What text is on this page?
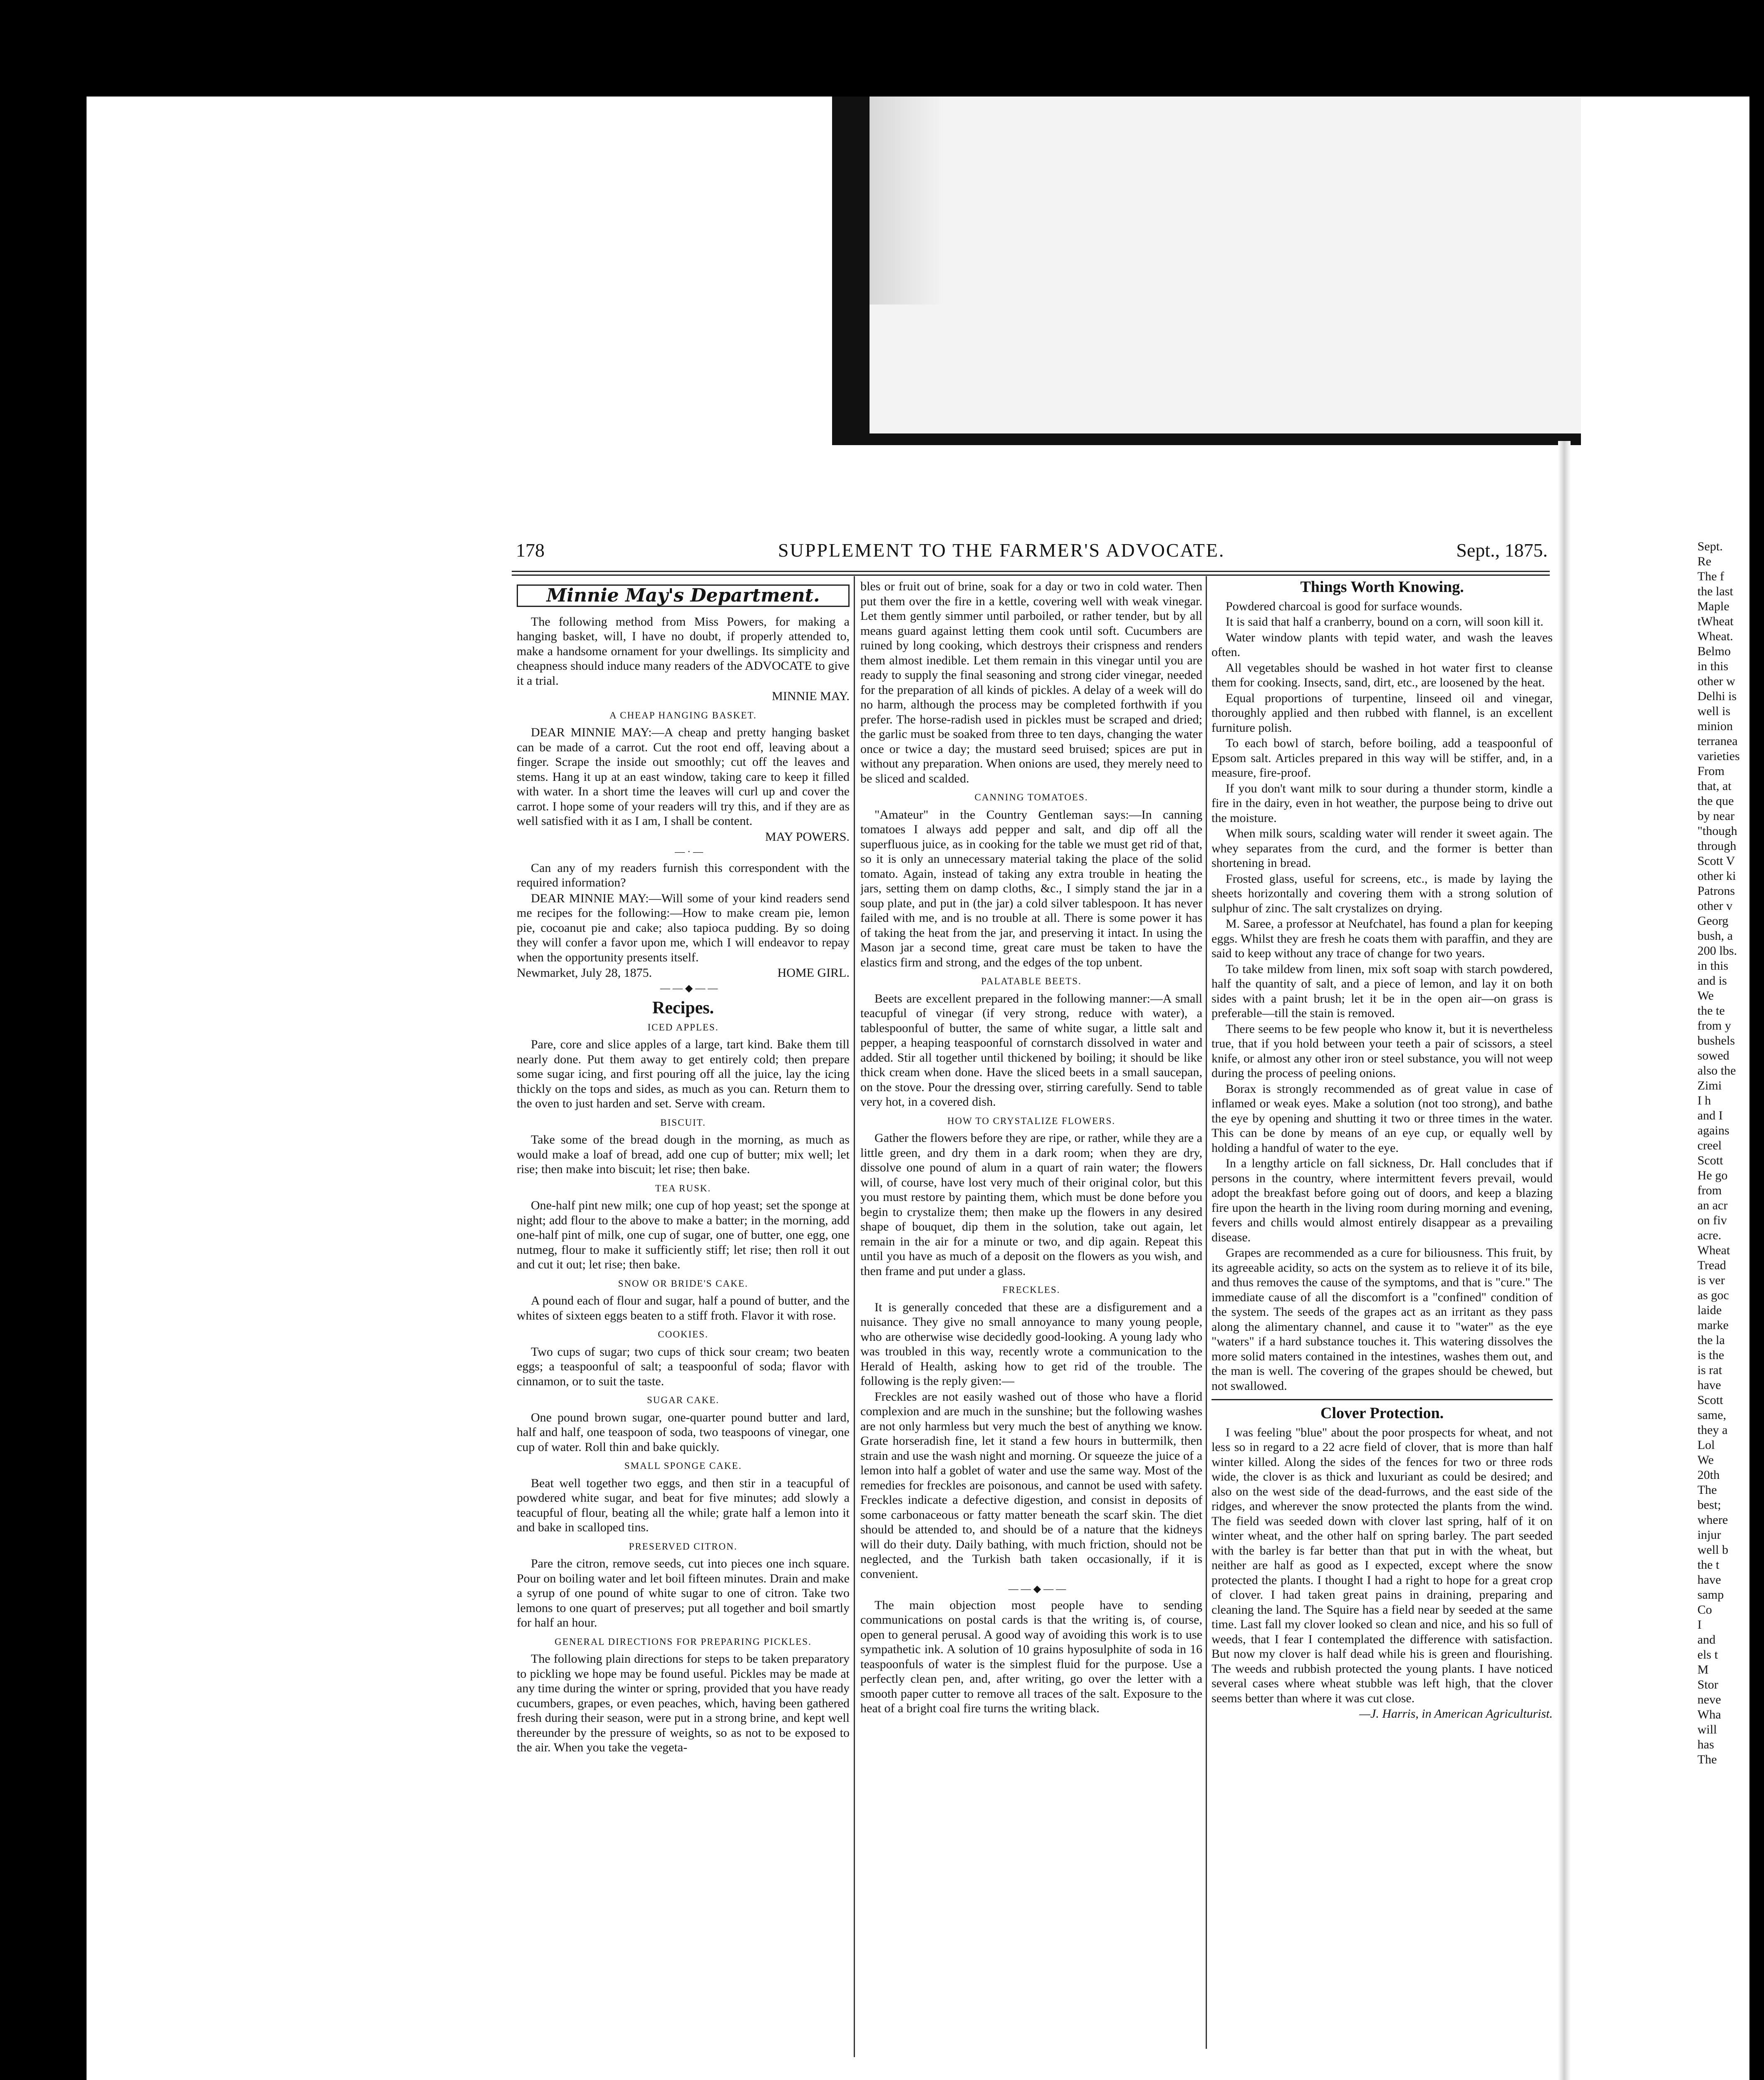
178	SUPPLEMENT TO THE FARMER'S ADVOCATE.	Sept., 1875.
Minnie May's Department.

The following method from Miss Powers, for making a hanging basket, will, I have no doubt, if properly attended to, make a handsome ornament for your dwellings. Its simplicity and cheapness should induce many readers of the ADVOCATE to give it a trial.

MINNIE MAY.

A CHEAP HANGING BASKET.

DEAR MINNIE MAY:—A cheap and pretty hanging basket can be made of a carrot. Cut the root end off, leaving about a finger. Scrape the inside out smoothly; cut off the leaves and stems. Hang it up at an east window, taking care to keep it filled with water. In a short time the leaves will curl up and cover the carrot. I hope some of your readers will try this, and if they are as well satisfied with it as I am, I shall be content.

MAY POWERS.

—·—

Can any of my readers furnish this correspondent with the required information?

DEAR MINNIE MAY:—Will some of your kind readers send me recipes for the following:—How to make cream pie, lemon pie, cocoanut pie and cake; also tapioca pudding. By so doing they will confer a favor upon me, which I will endeavor to repay when the opportunity presents itself.

HOME GIRL.
Newmarket, July 28, 1875.

——◆——

Recipes.

ICED APPLES.

Pare, core and slice apples of a large, tart kind. Bake them till nearly done. Put them away to get entirely cold; then prepare some sugar icing, and first pouring off all the juice, lay the icing thickly on the tops and sides, as much as you can. Return them to the oven to just harden and set. Serve with cream.

BISCUIT.

Take some of the bread dough in the morning, as much as would make a loaf of bread, add one cup of butter; mix well; let rise; then make into biscuit; let rise; then bake.

TEA RUSK.

One-half pint new milk; one cup of hop yeast; set the sponge at night; add flour to the above to make a batter; in the morning, add one-half pint of milk, one cup of sugar, one of butter, one egg, one nutmeg, flour to make it sufficiently stiff; let rise; then roll it out and cut it out; let rise; then bake.

SNOW OR BRIDE'S CAKE.

A pound each of flour and sugar, half a pound of butter, and the whites of sixteen eggs beaten to a stiff froth. Flavor it with rose.

COOKIES.

Two cups of sugar; two cups of thick sour cream; two beaten eggs; a teaspoonful of salt; a teaspoonful of soda; flavor with cinnamon, or to suit the taste.

SUGAR CAKE.

One pound brown sugar, one-quarter pound butter and lard, half and half, one teaspoon of soda, two teaspoons of vinegar, one cup of water. Roll thin and bake quickly.

SMALL SPONGE CAKE.

Beat well together two eggs, and then stir in a teacupful of powdered white sugar, and beat for five minutes; add slowly a teacupful of flour, beating all the while; grate half a lemon into it and bake in scalloped tins.

PRESERVED CITRON.

Pare the citron, remove seeds, cut into pieces one inch square. Pour on boiling water and let boil fifteen minutes. Drain and make a syrup of one pound of white sugar to one of citron. Take two lemons to one quart of preserves; put all together and boil smartly for half an hour.

GENERAL DIRECTIONS FOR PREPARING PICKLES.

The following plain directions for steps to be taken preparatory to pickling we hope may be found useful. Pickles may be made at any time during the winter or spring, provided that you have ready cucumbers, grapes, or even peaches, which, having been gathered fresh during their season, were put in a strong brine, and kept well thereunder by the pressure of weights, so as not to be exposed to the air. When you take the vegeta-

bles or fruit out of brine, soak for a day or two in cold water. Then put them over the fire in a kettle, covering well with weak vinegar. Let them gently simmer until parboiled, or rather tender, but by all means guard against letting them cook until soft. Cucumbers are ruined by long cooking, which destroys their crispness and renders them almost inedible. Let them remain in this vinegar until you are ready to supply the final seasoning and strong cider vinegar, needed for the preparation of all kinds of pickles. A delay of a week will do no harm, although the process may be completed forthwith if you prefer. The horse-radish used in pickles must be scraped and dried; the garlic must be soaked from three to ten days, changing the water once or twice a day; the mustard seed bruised; spices are put in without any preparation. When onions are used, they merely need to be sliced and scalded.

CANNING TOMATOES.

"Amateur" in the Country Gentleman says:—In canning tomatoes I always add pepper and salt, and dip off all the superfluous juice, as in cooking for the table we must get rid of that, so it is only an unnecessary material taking the place of the solid tomato. Again, instead of taking any extra trouble in heating the jars, setting them on damp cloths, &c., I simply stand the jar in a soup plate, and put in (the jar) a cold silver tablespoon. It has never failed with me, and is no trouble at all. There is some power it has of taking the heat from the jar, and preserving it intact. In using the Mason jar a second time, great care must be taken to have the elastics firm and strong, and the edges of the top unbent.

PALATABLE BEETS.

Beets are excellent prepared in the following manner:—A small teacupful of vinegar (if very strong, reduce with water), a tablespoonful of butter, the same of white sugar, a little salt and pepper, a heaping teaspoonful of cornstarch dissolved in water and added. Stir all together until thickened by boiling; it should be like thick cream when done. Have the sliced beets in a small saucepan, on the stove. Pour the dressing over, stirring carefully. Send to table very hot, in a covered dish.

HOW TO CRYSTALIZE FLOWERS.

Gather the flowers before they are ripe, or rather, while they are a little green, and dry them in a dark room; when they are dry, dissolve one pound of alum in a quart of rain water; the flowers will, of course, have lost very much of their original color, but this you must restore by painting them, which must be done before you begin to crystalize them; then make up the flowers in any desired shape of bouquet, dip them in the solution, take out again, let remain in the air for a minute or two, and dip again. Repeat this until you have as much of a deposit on the flowers as you wish, and then frame and put under a glass.

FRECKLES.

It is generally conceded that these are a disfigurement and a nuisance. They give no small annoyance to many young people, who are otherwise wise decidedly good-looking. A young lady who was troubled in this way, recently wrote a communication to the Herald of Health, asking how to get rid of the trouble. The following is the reply given:—

Freckles are not easily washed out of those who have a florid complexion and are much in the sunshine; but the following washes are not only harmless but very much the best of anything we know. Grate horseradish fine, let it stand a few hours in buttermilk, then strain and use the wash night and morning. Or squeeze the juice of a lemon into half a goblet of water and use the same way. Most of the remedies for freckles are poisonous, and cannot be used with safety. Freckles indicate a defective digestion, and consist in deposits of some carbonaceous or fatty matter beneath the scarf skin. The diet should be attended to, and should be of a nature that the kidneys will do their duty. Daily bathing, with much friction, should not be neglected, and the Turkish bath taken occasionally, if it is convenient.

——◆——

The main objection most people have to sending communications on postal cards is that the writing is, of course, open to general perusal. A good way of avoiding this work is to use sympathetic ink. A solution of 10 grains hyposulphite of soda in 16 teaspoonfuls of water is the simplest fluid for the purpose. Use a perfectly clean pen, and, after writing, go over the letter with a smooth paper cutter to remove all traces of the salt. Exposure to the heat of a bright coal fire turns the writing black.

Things Worth Knowing.

Powdered charcoal is good for surface wounds.

It is said that half a cranberry, bound on a corn, will soon kill it.

Water window plants with tepid water, and wash the leaves often.

All vegetables should be washed in hot water first to cleanse them for cooking. Insects, sand, dirt, etc., are loosened by the heat.

Equal proportions of turpentine, linseed oil and vinegar, thoroughly applied and then rubbed with flannel, is an excellent furniture polish.

To each bowl of starch, before boiling, add a teaspoonful of Epsom salt. Articles prepared in this way will be stiffer, and, in a measure, fire-proof.

If you don't want milk to sour during a thunder storm, kindle a fire in the dairy, even in hot weather, the purpose being to drive out the moisture.

When milk sours, scalding water will render it sweet again. The whey separates from the curd, and the former is better than shortening in bread.

Frosted glass, useful for screens, etc., is made by laying the sheets horizontally and covering them with a strong solution of sulphur of zinc. The salt crystalizes on drying.

M. Saree, a professor at Neufchatel, has found a plan for keeping eggs. Whilst they are fresh he coats them with paraffin, and they are said to keep without any trace of change for two years.

To take mildew from linen, mix soft soap with starch powdered, half the quantity of salt, and a piece of lemon, and lay it on both sides with a paint brush; let it be in the open air—on grass is preferable—till the stain is removed.

There seems to be few people who know it, but it is nevertheless true, that if you hold between your teeth a pair of scissors, a steel knife, or almost any other iron or steel substance, you will not weep during the process of peeling onions.

Borax is strongly recommended as of great value in case of inflamed or weak eyes. Make a solution (not too strong), and bathe the eye by opening and shutting it two or three times in the water. This can be done by means of an eye cup, or equally well by holding a handful of water to the eye.

In a lengthy article on fall sickness, Dr. Hall concludes that if persons in the country, where intermittent fevers prevail, would adopt the breakfast before going out of doors, and keep a blazing fire upon the hearth in the living room during morning and evening, fevers and chills would almost entirely disappear as a prevailing disease.

Grapes are recommended as a cure for biliousness. This fruit, by its agreeable acidity, so acts on the system as to relieve it of its bile, and thus removes the cause of the symptoms, and that is "cure." The immediate cause of all the discomfort is a "confined" condition of the system. The seeds of the grapes act as an irritant as they pass along the alimentary channel, and cause it to "water" as the eye "waters" if a hard substance touches it. This watering dissolves the more solid maters contained in the intestines, washes them out, and the man is well. The covering of the grapes should be chewed, but not swallowed.

Clover Protection.

I was feeling "blue" about the poor prospects for wheat, and not less so in regard to a 22 acre field of clover, that is more than half winter killed. Along the sides of the fences for two or three rods wide, the clover is as thick and luxuriant as could be desired; and also on the west side of the dead-furrows, and the east side of the ridges, and wherever the snow protected the plants from the wind. The field was seeded down with clover last spring, half of it on winter wheat, and the other half on spring barley. The part seeded with the barley is far better than that put in with the wheat, but neither are half as good as I expected, except where the snow protected the plants. I thought I had a right to hope for a great crop of clover. I had taken great pains in draining, preparing and cleaning the land. The Squire has a field near by seeded at the same time. Last fall my clover looked so clean and nice, and his so full of weeds, that I fear I contemplated the difference with satisfaction. But now my clover is half dead while his is green and flourishing. The weeds and rubbish protected the young plants. I have noticed several cases where wheat stubble was left high, that the clover seems better than where it was cut close.

—J. Harris, in American Agriculturist.

Sept.
Re
The f
the last
Maple
tWheat
Wheat.
Belmo
in this
other w
Delhi is
well is
minion
terranea
varieties
From
that, at
the que
by near
"though
through
Scott V
other ki
Patrons
other v
Georg
bush, a
200 lbs.
in this
and is
We
the te
from y
bushels
sowed
also the
Zimi
I h
and I
agains
creel
Scott
He go
from
an acr
on fiv
acre.
Wheat
Tread
is ver
as goc
laide
marke
the la
is the
is rat
have
Scott
same,
they a
Lol
We
20th
The
best;
where
injur
well b
the t
have
samp
Co
I
and
els t
M
Stor
neve
Wha
will
has
The
